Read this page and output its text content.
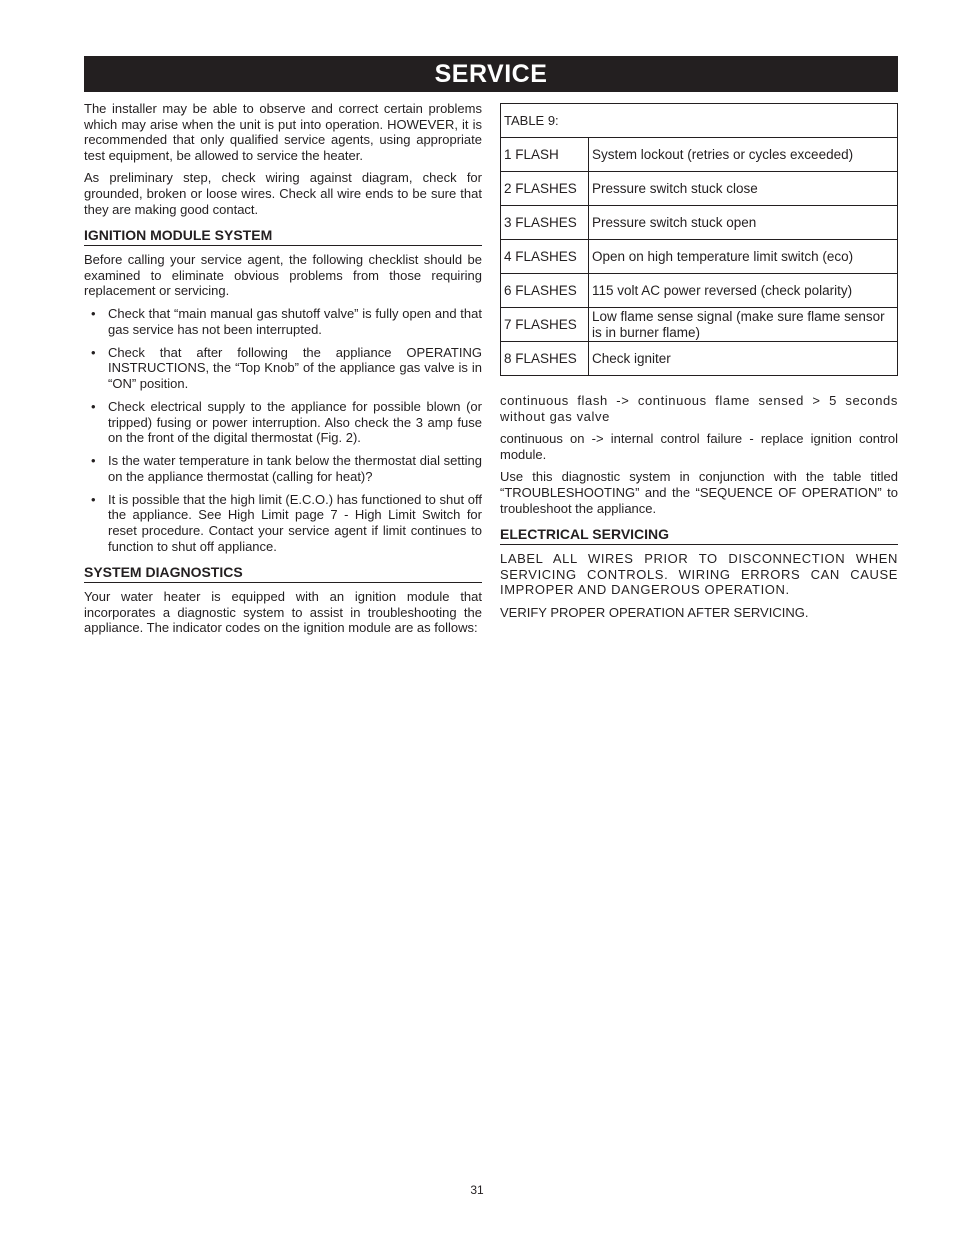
SERVICE

The installer may be able to observe and correct certain problems which may arise when the unit is put into operation. HOWEVER, it is recommended that only qualified service agents, using appropriate test equipment, be allowed to service the heater.

As preliminary step, check wiring against diagram, check for grounded, broken or loose wires. Check all wire ends to be sure that they are making good contact.

IGNITION MODULE SYSTEM

Before calling your service agent, the following checklist should be examined to eliminate obvious problems from those requiring replacement or servicing.

• Check that “main manual gas shutoff valve” is fully open and that gas service has not been interrupted.
• Check that after following the appliance OPERATING INSTRUCTIONS, the “Top Knob” of the appliance gas valve is in “ON” position.
• Check electrical supply to the appliance for possible blown (or tripped) fusing or power interruption. Also check the 3 amp fuse on the front of the digital thermostat (Fig. 2).
• Is the water temperature in tank below the thermostat dial setting on the appliance thermostat (calling for heat)?
• It is possible that the high limit (E.C.O.) has functioned to shut off the appliance. See High Limit page 7 - High Limit Switch for reset procedure. Contact your service agent if limit continues to function to shut off appliance.
SYSTEM DIAGNOSTICS

Your water heater is equipped with an ignition module that incorporates a diagnostic system to assist in troubleshooting the appliance. The indicator codes on the ignition module are as follows:

TABLE 9:	
1 FLASH	System lockout (retries or cycles exceeded)
2 FLASHES	Pressure switch stuck close
3 FLASHES	Pressure switch stuck open
4 FLASHES	Open on high temperature limit switch (eco)
6 FLASHES	115 volt AC power reversed (check polarity)
7 FLASHES	Low flame sense signal (make sure flame sensor is in burner flame)
8 FLASHES	Check igniter

continuous flash -> continuous flame sensed > 5 seconds without gas valve

continuous on -> internal control failure - replace ignition control module.

Use this diagnostic system in conjunction with the table titled “TROUBLESHOOTING” and the “SEQUENCE OF OPERATION” to troubleshoot the appliance.

ELECTRICAL SERVICING

LABEL ALL WIRES PRIOR TO DISCONNECTION WHEN SERVICING CONTROLS. WIRING ERRORS CAN CAUSE IMPROPER AND DANGEROUS OPERATION.

VERIFY PROPER OPERATION AFTER SERVICING.

31
